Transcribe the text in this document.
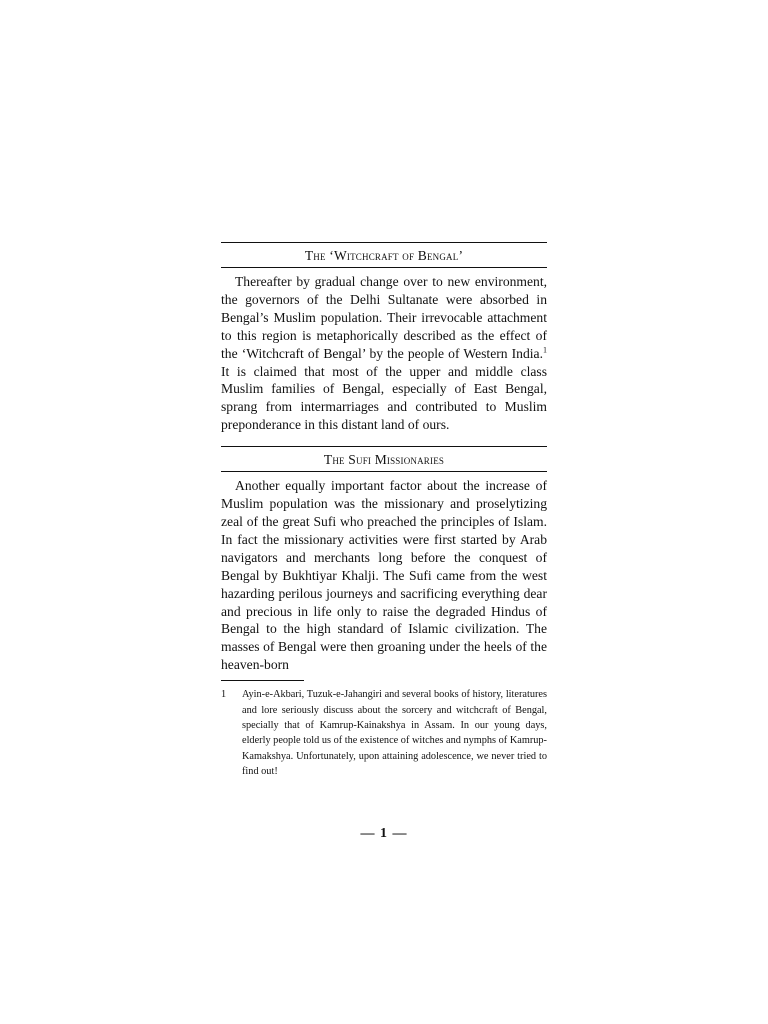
The ‘Witchcraft of Bengal’

Thereafter by gradual change over to new environment, the governors of the Delhi Sultanate were absorbed in Bengal’s Muslim population. Their irrevocable attachment to this region is metaphorically described as the effect of the ‘Witchcraft of Bengal’ by the people of Western India.$^1$ It is claimed that most of the upper and middle class Muslim families of Bengal, especially of East Bengal, sprang from intermarriages and contributed to Muslim preponderance in this distant land of ours.

The Sufi Missionaries

Another equally important factor about the increase of Muslim population was the missionary and proselytizing zeal of the great Sufi who preached the principles of Islam. In fact the missionary activities were first started by Arab navigators and merchants long before the conquest of Bengal by Bukhtiyar Khalji. The Sufi came from the west hazarding perilous journeys and sacrificing everything dear and precious in life only to raise the degraded Hindus of Bengal to the high standard of Islamic civilization. The masses of Bengal were then groaning under the heels of the heaven-born

1	Ayin-e-Akbari, Tuzuk-e-Jahangiri and several books of history, literatures and lore seriously discuss about the sorcery and witchcraft of Bengal, specially that of Kamrup-Kainakshya in Assam. In our young days, elderly people told us of the existence of witches and nymphs of Kamrup-Kamakshya. Unfortunately, upon attaining adolescence, we never tried to find out!
— 1 —
